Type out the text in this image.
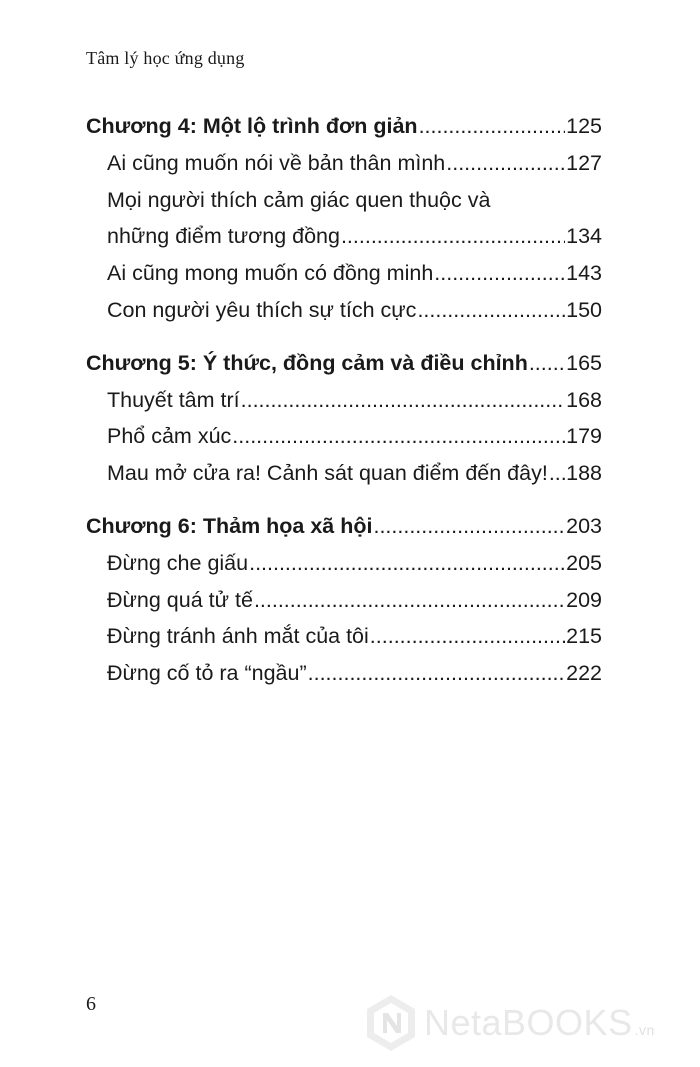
Tâm lý học ứng dụng
Chương 4: Một lộ trình đơn giản .....	125
Ai cũng muốn nói về bản thân mình .....	127
Mọi người thích cảm giác quen thuộc và
những điểm tương đồng .....	134
Ai cũng mong muốn có đồng minh .....	143
Con người yêu thích sự tích cực .....	150
Chương 5: Ý thức, đồng cảm và điều chỉnh ..... 165
Thuyết tâm trí .....	168
Phổ cảm xúc .....	179
Mau mở cửa ra! Cảnh sát quan điểm đến đây! ..... 188
Chương 6: Thảm họa xã hội .....	203
Đừng che giấu .....	205
Đừng quá tử tế .....	209
Đừng tránh ánh mắt của tôi .....	215
Đừng cố tỏ ra “ngầu” .....	222
6	NetaBOOKS .vn
